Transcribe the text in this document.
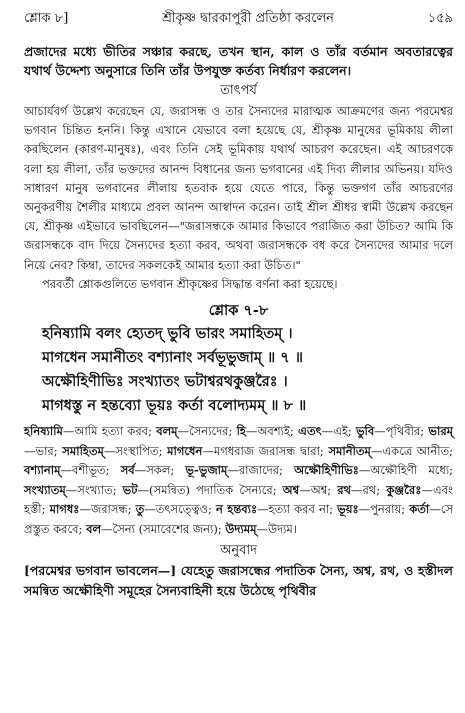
শ্লোক ৮]	শ্রীকৃষ্ণ দ্বারকাপুরী প্রতিষ্ঠা করলেন	১৫৯

প্রজাদের মধ্যে ভীতির সঞ্চার করছে, তখন স্থান, কাল ও তাঁর বর্তমান অবতারত্বের যথার্থ উদ্দেশ্য অনুসারে তিনি তাঁর উপযুক্ত কর্তব্য নির্ধারণ করলেন।

তাৎপর্য

আচার্যবর্গ উল্লেখ করেছেন যে, জরাসন্ধ ও তার সৈন্যদের মারাত্মক আক্রমণের জন্য পরমেশ্বর ভগবান চিন্তিত হননি। কিন্তু এখানে যেভাবে বলা হয়েছে যে, শ্রীকৃষ্ণ মানুষের ভূমিকায় লীলা করছিলেন (কারণ-মানুষঃ), এবং তিনি সেই ভূমিকায় যথার্থ আচরণ করেছেন। এই আচরণকে বলা হয় লীলা, তাঁর ভক্তদের আনন্দ বিধানের জন্য ভগবানের এই দিব্য লীলার অভিনয়। যদিও সাধারণ মানুষ ভগবানের লীলায় হতবাক হয়ে যেতে পারে, কিন্তু ভক্তগণ তাঁর আচরণের অনুকরণীয় শৈলীর মাধ্যমে প্রবল আনন্দ আস্বাদন করেন। তাই শ্রীল শ্রীধর স্বামী উল্লেখ করছেন যে, শ্রীকৃষ্ণ এইভাবে ভাবছিলেন—"জরাসন্ধকে আমার কিভাবে পরাজিত করা উচিত? আমি কি জরাসন্ধকে বাদ দিয়ে সৈন্যদের হত্যা করব, অথবা জরাসন্ধকে বধ করে সৈন্যদের আমার দলে নিয়ে নেব? কিম্বা, তাদের সকলকেই আমার হত্যা করা উচিত।"

পরবর্তী শ্লোকগুলিতে ভগবান শ্রীকৃষ্ণের সিদ্ধান্ত বর্ণনা করা হয়েছে।

শ্লোক ৭-৮
হনিষ্যামি বলং হ্যেতদ্ ভুবি ভারং সমাহিতম্ ।
মাগধেন সমানীতং বশ্যানাং সর্বভূভুজাম্ ॥ ৭ ॥
অক্ষৌহিণীভিঃ সংখ্যাতং ভটাশ্বরথকুঞ্জরৈঃ ।
মাগধস্তু ন হন্তব্যো ভূয়ঃ কর্তা বলোদ্যমম্ ॥ ৮ ॥

হনিষ্যামি—আমি হত্যা করব; বলম্—সৈন্যদের; হি—অবশ্যই; এতৎ—এই; ভুবি—পৃথিবীর; ভারম্—ভার; সমাহিতম্—সংস্থাপিত; মাগধেন—মগধরাজ জরাসন্ধ দ্বারা; সমানীতম্—একত্রে আনীত; বশ্যানাম্—বশীভূত; সর্ব—সকল; ভূ-ভুজাম্—রাজাদের; অক্ষৌহিণীভিঃ—অক্ষৌহিণী মধ্যে; সংখ্যাতম্—সংখ্যাত; ভট—(সমন্বিত) পদাতিক সৈন্যরে; অশ্ব—অশ্ব; রথ—রথ; কুঞ্জরৈঃ—এবং হস্তী; মাগধঃ—জরাসন্ধ; তু—তৎসত্ত্বেও; ন হন্তব্যঃ—হত্যা করব না; ভূয়ঃ—পুনরায়; কর্তা—সে প্রস্তুত করবে; বল—সৈন্য (সমাবেশের জন্য); উদ্যমম্—উদ্যম।

অনুবাদ

[পরমেশ্বর ভগবান ভাবলেন—] যেহেতু জরাসন্ধের পদাতিক সৈন্য, অশ্ব, রথ, ও হস্তীদল সমন্বিত অক্ষৌহিণী সমূহের সৈন্যবাহিনী হয়ে উঠেছে পৃথিবীর
